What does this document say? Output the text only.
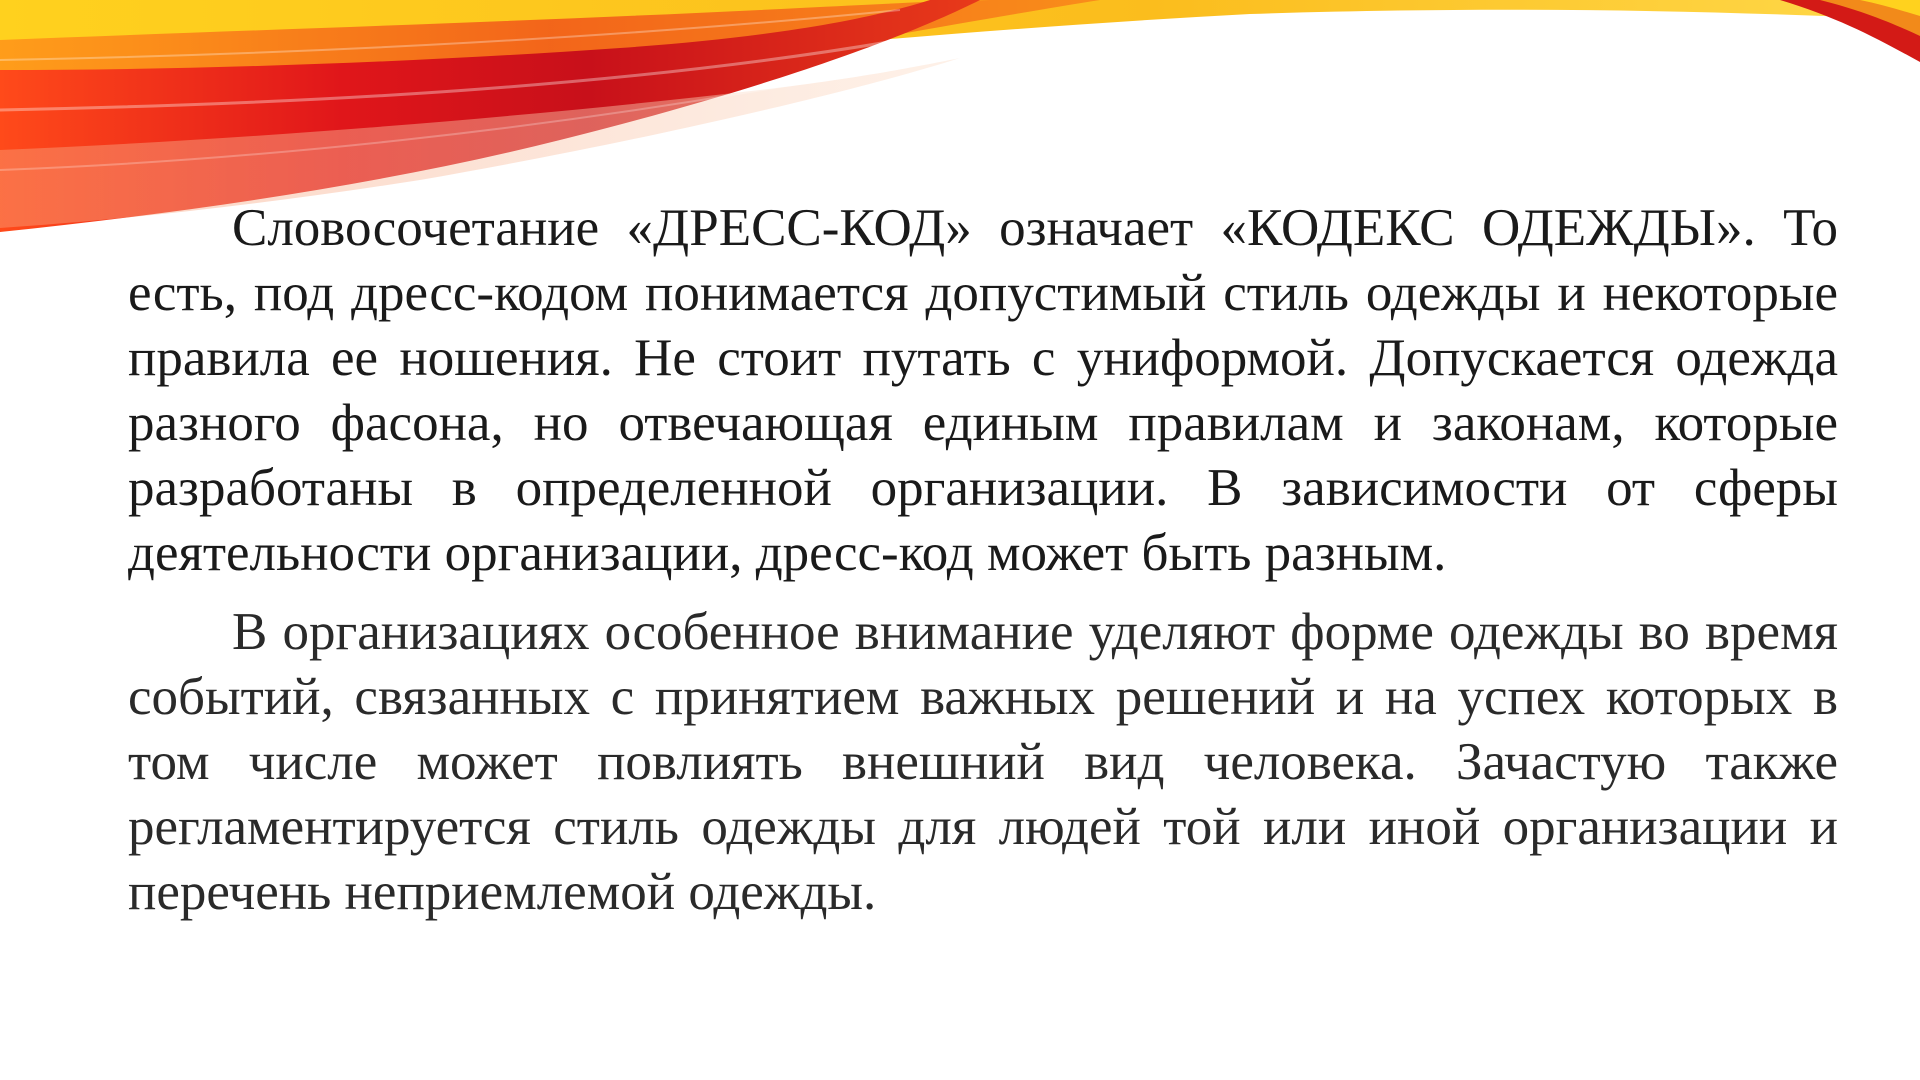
Словосочетание «ДРЕСС-КОД» означает «КОДЕКС ОДЕЖДЫ». То есть, под дресс-кодом понимается допустимый стиль одежды и некоторые правила ее ношения. Не стоит путать с униформой. Допускается одежда разного фасона, но отвечающая единым правилам и законам, которые разработаны в определенной организации. В зависимости от сферы деятельности организации, дресс-код может быть разным.

В организациях особенное внимание уделяют форме одежды во время событий, связанных с принятием важных решений и на успех которых в том числе может повлиять внешний вид человека. Зачастую также регламентируется стиль одежды для людей той или иной организации и перечень неприемлемой одежды.
